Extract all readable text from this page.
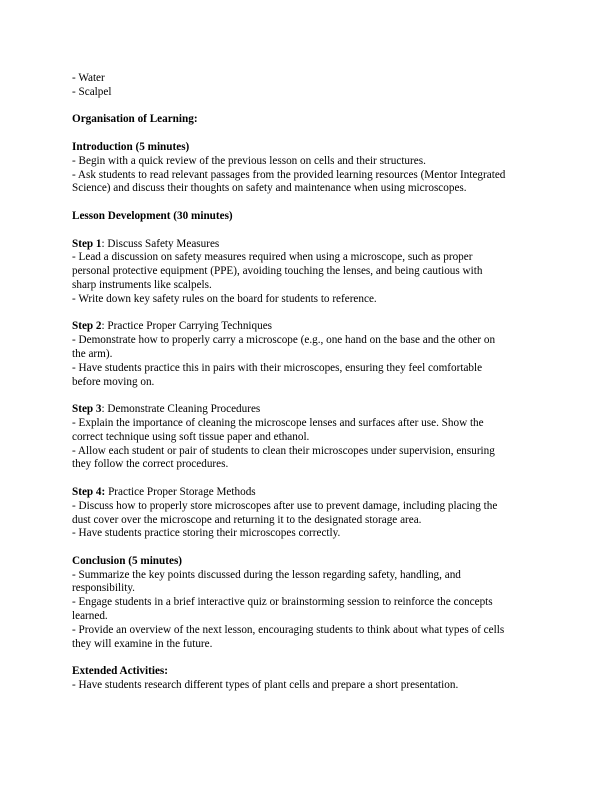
- Water
- Scalpel
Organisation of Learning:
Introduction (5 minutes)
- Begin with a quick review of the previous lesson on cells and their structures.
- Ask students to read relevant passages from the provided learning resources (Mentor Integrated
Science) and discuss their thoughts on safety and maintenance when using microscopes.
Lesson Development (30 minutes)
Step 1: Discuss Safety Measures
- Lead a discussion on safety measures required when using a microscope, such as proper
personal protective equipment (PPE), avoiding touching the lenses, and being cautious with
sharp instruments like scalpels.
- Write down key safety rules on the board for students to reference.
Step 2: Practice Proper Carrying Techniques
- Demonstrate how to properly carry a microscope (e.g., one hand on the base and the other on
the arm).
- Have students practice this in pairs with their microscopes, ensuring they feel comfortable
before moving on.
Step 3: Demonstrate Cleaning Procedures
- Explain the importance of cleaning the microscope lenses and surfaces after use. Show the
correct technique using soft tissue paper and ethanol.
- Allow each student or pair of students to clean their microscopes under supervision, ensuring
they follow the correct procedures.
Step 4: Practice Proper Storage Methods
- Discuss how to properly store microscopes after use to prevent damage, including placing the
dust cover over the microscope and returning it to the designated storage area.
- Have students practice storing their microscopes correctly.
Conclusion (5 minutes)
- Summarize the key points discussed during the lesson regarding safety, handling, and
responsibility.
- Engage students in a brief interactive quiz or brainstorming session to reinforce the concepts
learned.
- Provide an overview of the next lesson, encouraging students to think about what types of cells
they will examine in the future.
Extended Activities:
- Have students research different types of plant cells and prepare a short presentation.
